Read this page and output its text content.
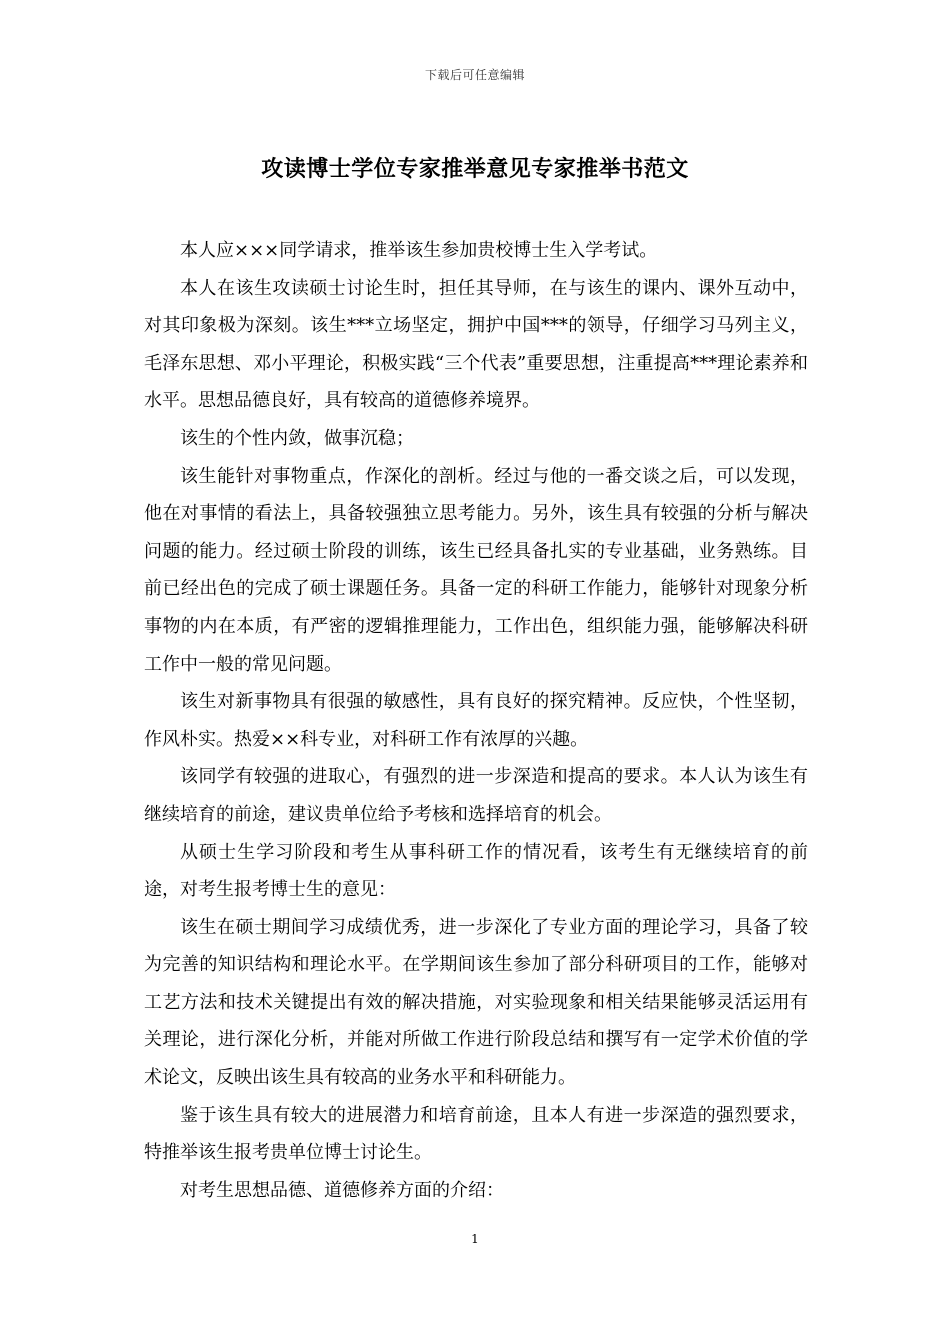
下载后可任意编辑
攻读博士学位专家推举意见专家推举书范文

本人应×××同学请求，推举该生参加贵校博士生入学考试。

本人在该生攻读硕士讨论生时，担任其导师，在与该生的课内、课外互动中，对其印象极为深刻。该生***立场坚定，拥护中国***的领导，仔细学习马列主义，毛泽东思想、邓小平理论，积极实践“三个代表”重要思想，注重提高***理论素养和水平。思想品德良好，具有较高的道德修养境界。

该生的个性内敛，做事沉稳；

该生能针对事物重点，作深化的剖析。经过与他的一番交谈之后，可以发现，他在对事情的看法上，具备较强独立思考能力。另外，该生具有较强的分析与解决问题的能力。经过硕士阶段的训练，该生已经具备扎实的专业基础，业务熟练。目前已经出色的完成了硕士课题任务。具备一定的科研工作能力，能够针对现象分析事物的内在本质，有严密的逻辑推理能力，工作出色，组织能力强，能够解决科研工作中一般的常见问题。

该生对新事物具有很强的敏感性，具有良好的探究精神。反应快，个性坚韧，作风朴实。热爱××科专业，对科研工作有浓厚的兴趣。

该同学有较强的进取心，有强烈的进一步深造和提高的要求。本人认为该生有继续培育的前途，建议贵单位给予考核和选择培育的机会。

从硕士生学习阶段和考生从事科研工作的情况看，该考生有无继续培育的前途，对考生报考博士生的意见：

该生在硕士期间学习成绩优秀，进一步深化了专业方面的理论学习，具备了较为完善的知识结构和理论水平。在学期间该生参加了部分科研项目的工作，能够对工艺方法和技术关键提出有效的解决措施，对实验现象和相关结果能够灵活运用有关理论，进行深化分析，并能对所做工作进行阶段总结和撰写有一定学术价值的学术论文，反映出该生具有较高的业务水平和科研能力。

鉴于该生具有较大的进展潜力和培育前途，且本人有进一步深造的强烈要求，特推举该生报考贵单位博士讨论生。

对考生思想品德、道德修养方面的介绍：

1
